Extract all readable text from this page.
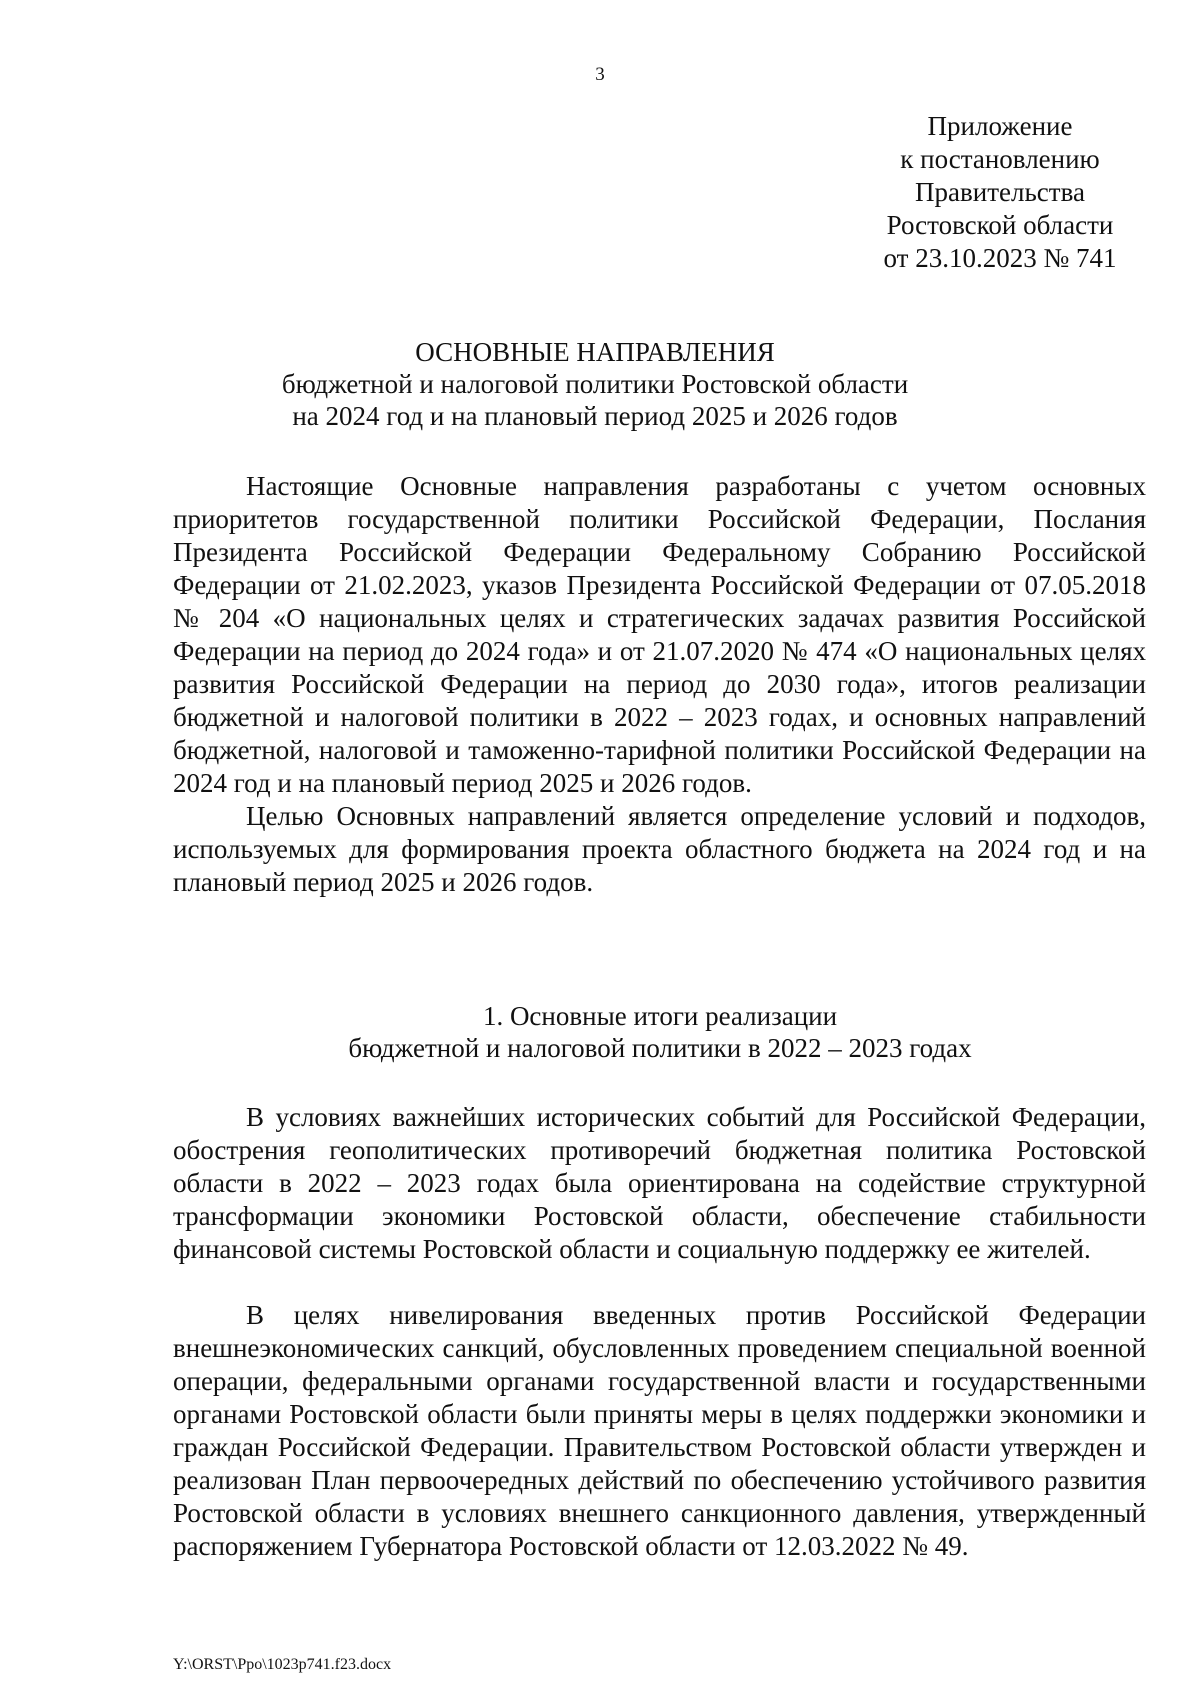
3
Приложение
к постановлению
Правительства
Ростовской области
от 23.10.2023 № 741
ОСНОВНЫЕ НАПРАВЛЕНИЯ
бюджетной и налоговой политики Ростовской области
на 2024 год и на плановый период 2025 и 2026 годов

Настоящие Основные направления разработаны с учетом основных приоритетов государственной политики Российской Федерации, Послания Президента Российской Федерации Федеральному Собранию Российской Федерации от 21.02.2023, указов Президента Российской Федерации от 07.05.2018 № 204 «О национальных целях и стратегических задачах развития Российской Федерации на период до 2024 года» и от 21.07.2020 № 474 «О национальных целях развития Российской Федерации на период до 2030 года», итогов реализации бюджетной и налоговой политики в 2022 – 2023 годах, и основных направлений бюджетной, налоговой и таможенно-тарифной политики Российской Федерации на 2024 год и на плановый период 2025 и 2026 годов.

Целью Основных направлений является определение условий и подходов, используемых для формирования проекта областного бюджета на 2024 год и на плановый период 2025 и 2026 годов.

1. Основные итоги реализации
бюджетной и налоговой политики в 2022 – 2023 годах

В условиях важнейших исторических событий для Российской Федерации, обострения геополитических противоречий бюджетная политика Ростовской области в 2022 – 2023 годах была ориентирована на содействие структурной трансформации экономики Ростовской области, обеспечение стабильности финансовой системы Ростовской области и социальную поддержку ее жителей.

В целях нивелирования введенных против Российской Федерации внешнеэкономических санкций, обусловленных проведением специальной военной операции, федеральными органами государственной власти и государственными органами Ростовской области были приняты меры в целях поддержки экономики и граждан Российской Федерации. Правительством Ростовской области утвержден и реализован План первоочередных действий по обеспечению устойчивого развития Ростовской области в условиях внешнего санкционного давления, утвержденный распоряжением Губернатора Ростовской области от 12.03.2022 № 49.

Y:\ORST\Ppo\1023p741.f23.docx
